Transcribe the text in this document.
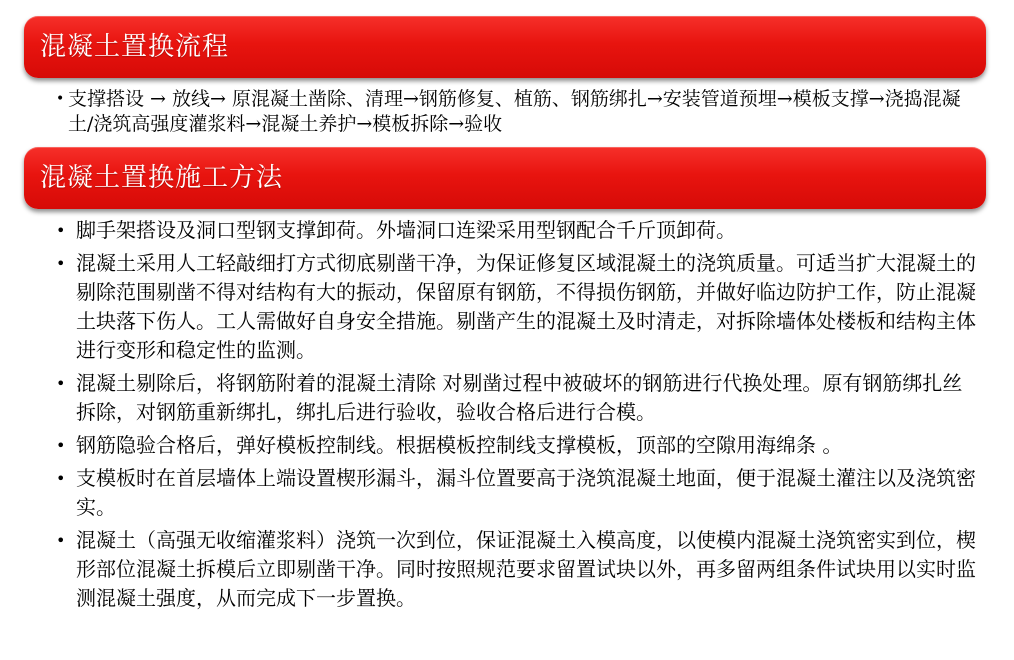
混凝土置换流程
• 支撑搭设 → 放线→ 原混凝土凿除、清理→钢筋修复、植筋、钢筋绑扎→安装管道预埋→模板支撑→浇捣混凝土/浇筑高强度灌浆料→混凝土养护→模板拆除→验收
混凝土置换施工方法
• 脚手架搭设及洞口型钢支撑卸荷。外墙洞口连梁采用型钢配合千斤顶卸荷。
• 混凝土采用人工轻敲细打方式彻底剔凿干净，为保证修复区域混凝土的浇筑质量。可适当扩大混凝土的剔除范围剔凿不得对结构有大的振动，保留原有钢筋，不得损伤钢筋，并做好临边防护工作，防止混凝土块落下伤人。工人需做好自身安全措施。剔凿产生的混凝土及时清走，对拆除墙体处楼板和结构主体进行变形和稳定性的监测。
• 混凝土剔除后，将钢筋附着的混凝土清除 对剔凿过程中被破坏的钢筋进行代换处理。原有钢筋绑扎丝拆除，对钢筋重新绑扎，绑扎后进行验收，验收合格后进行合模。
• 钢筋隐验合格后，弹好模板控制线。根据模板控制线支撑模板，顶部的空隙用海绵条 。
• 支模板时在首层墙体上端设置楔形漏斗，漏斗位置要高于浇筑混凝土地面，便于混凝土灌注以及浇筑密实。
• 混凝土（高强无收缩灌浆料）浇筑一次到位，保证混凝土入模高度，以使模内混凝土浇筑密实到位，楔形部位混凝土拆模后立即剔凿干净。同时按照规范要求留置试块以外，再多留两组条件试块用以实时监测混凝土强度，从而完成下一步置换。
